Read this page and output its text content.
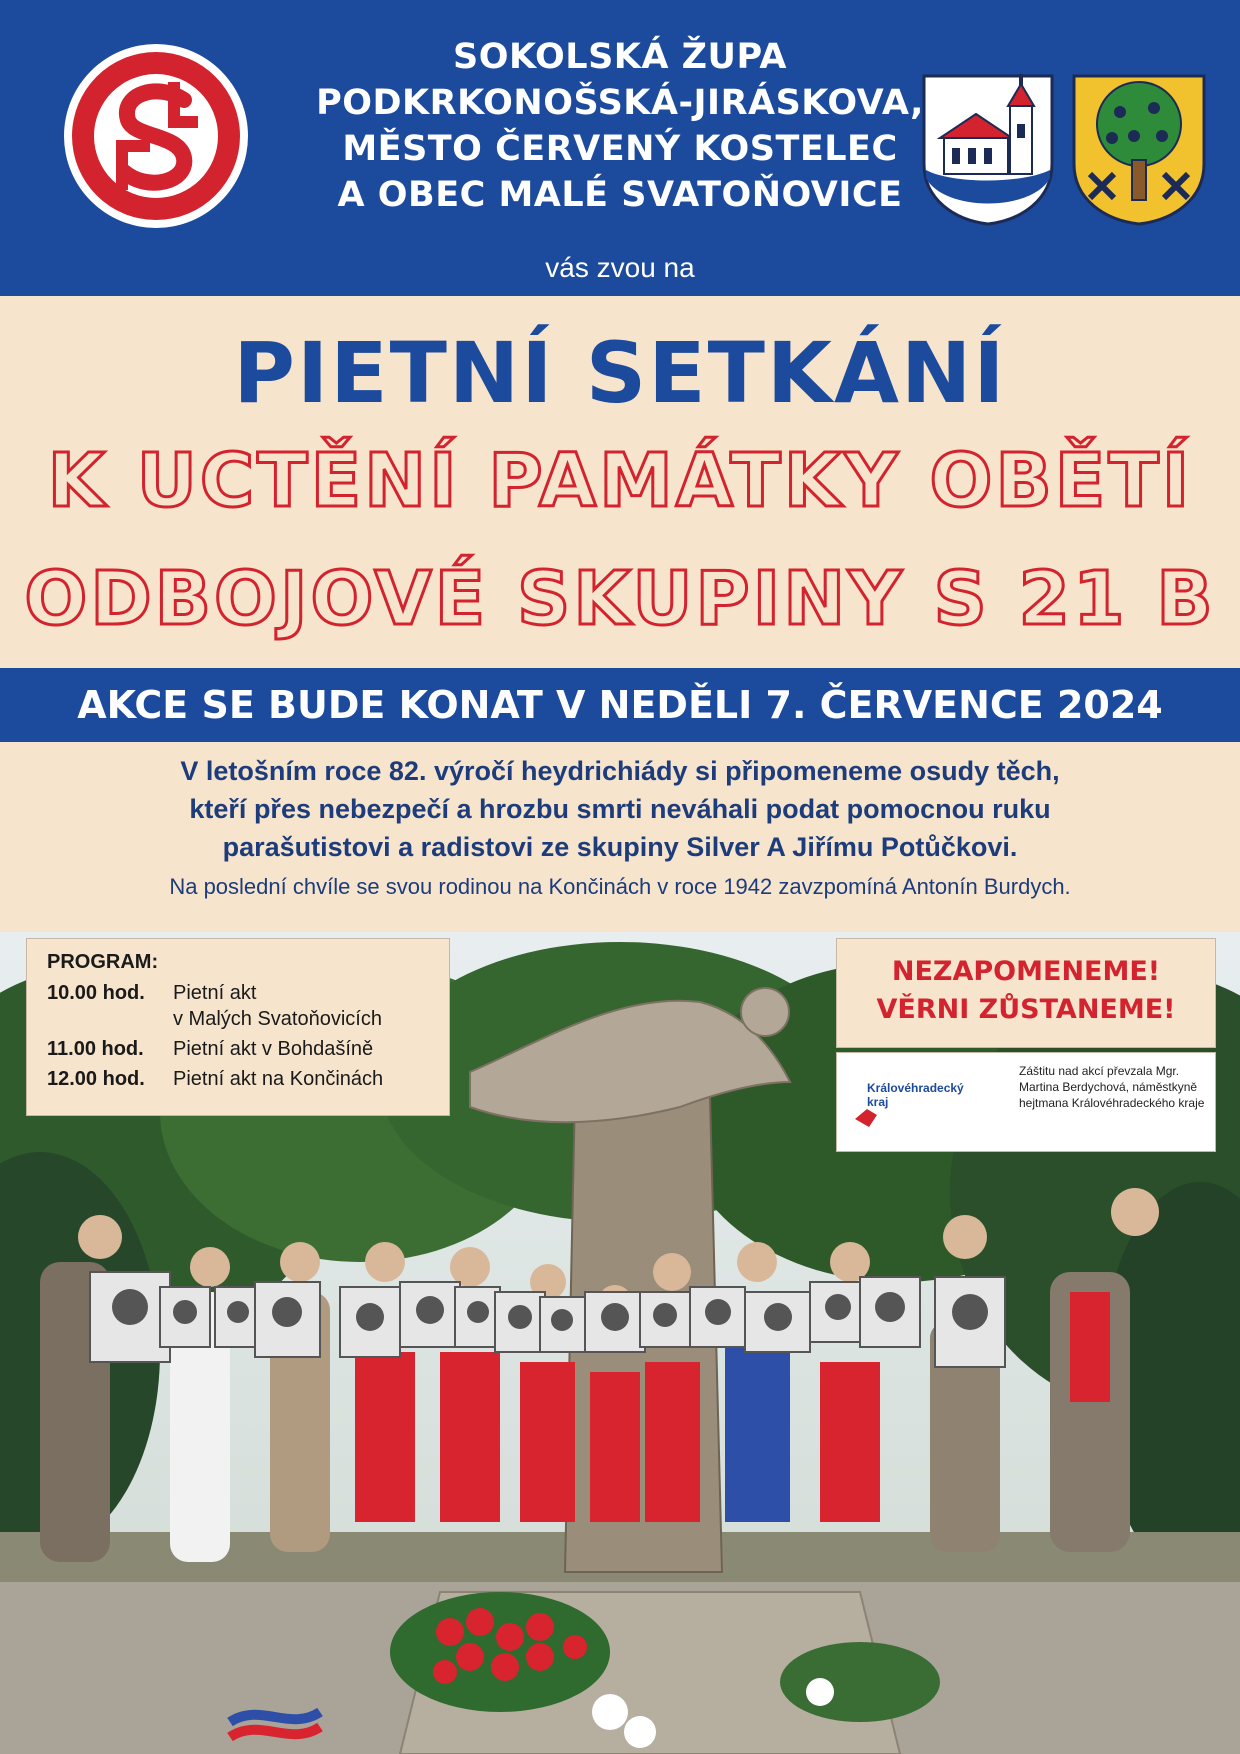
SOKOLSKÁ ŽUPA
PODKRKONOŠSKÁ-JIRÁSKOVA,
MĚSTO ČERVENÝ KOSTELEC
A OBEC MALÉ SVATOŇOVICE
vás zvou na
PIETNÍ SETKÁNÍ
K UCTĚNÍ PAMÁTKY OBĚTÍ
ODBOJOVÉ SKUPINY S 21 B
AKCE SE BUDE KONAT V NEDĚLI 7. ČERVENCE 2024
V letošním roce 82. výročí heydrichiády si připomeneme osudy těch,
kteří přes nebezpečí a hrozbu smrti neváhali podat pomocnou ruku
parašutistovi a radistovi ze skupiny Silver A Jiřímu Potůčkovi.
Na poslední chvíle se svou rodinou na Končinách v roce 1942 zavzpomíná Antonín Burdych.
PROGRAM:
10.00 hod.	Pietní akt
v Malých Svatoňovicích
11.00 hod.	Pietní akt v Bohdašíně
12.00 hod.	Pietní akt na Končinách
NEZAPOMENEME!
VĚRNI ZŮSTANEME!
Královéhradecký kraj
Záštitu nad akcí převzala Mgr. Martina Berdychová, náměstkyně hejtmana Královéhradeckého kraje
